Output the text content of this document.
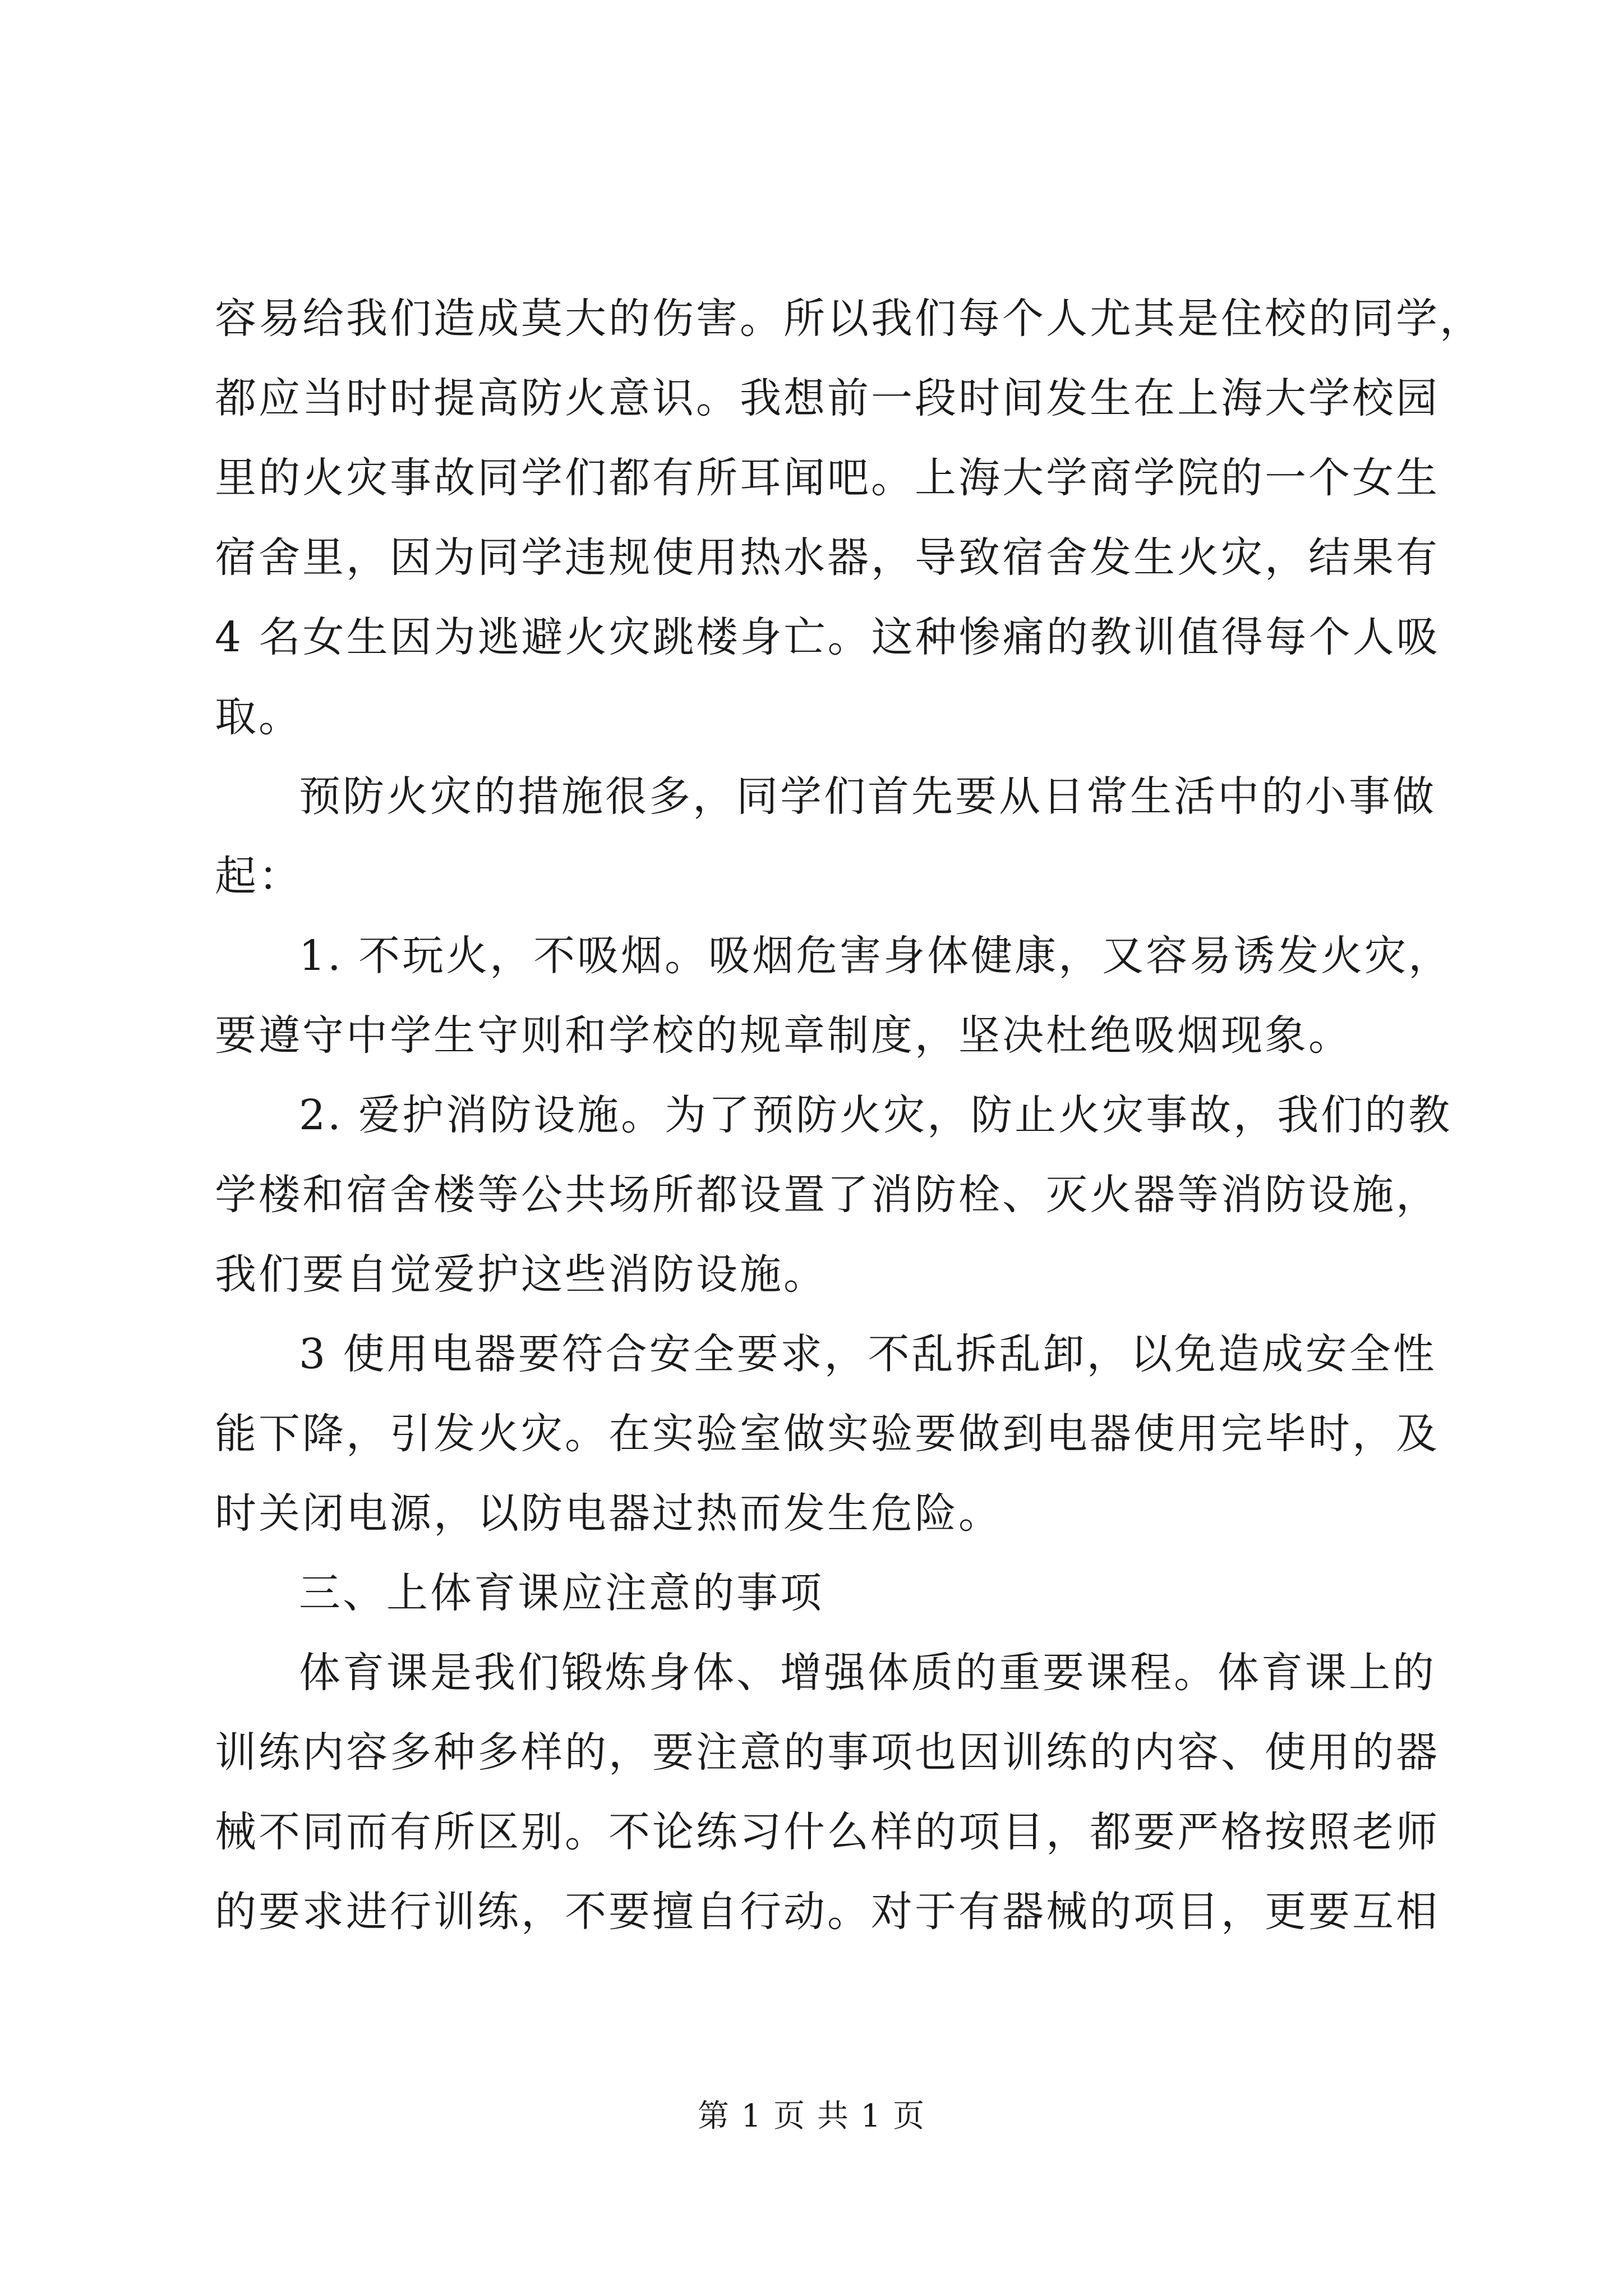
容易给我们造成莫大的伤害。所以我们每个人尤其是住校的同学，
都应当时时提高防火意识。我想前一段时间发生在上海大学校园
里的火灾事故同学们都有所耳闻吧。上海大学商学院的一个女生
宿舍里，因为同学违规使用热水器，导致宿舍发生火灾，结果有
4 名女生因为逃避火灾跳楼身亡。这种惨痛的教训值得每个人吸
取。
预防火灾的措施很多，同学们首先要从日常生活中的小事做
起：
1. 不玩火，不吸烟。吸烟危害身体健康，又容易诱发火灾，
要遵守中学生守则和学校的规章制度，坚决杜绝吸烟现象。
2. 爱护消防设施。为了预防火灾，防止火灾事故，我们的教
学楼和宿舍楼等公共场所都设置了消防栓、灭火器等消防设施，
我们要自觉爱护这些消防设施。
3 使用电器要符合安全要求，不乱拆乱卸，以免造成安全性
能下降，引发火灾。在实验室做实验要做到电器使用完毕时，及
时关闭电源，以防电器过热而发生危险。
三、上体育课应注意的事项
体育课是我们锻炼身体、增强体质的重要课程。体育课上的
训练内容多种多样的，要注意的事项也因训练的内容、使用的器
械不同而有所区别。不论练习什么样的项目，都要严格按照老师
的要求进行训练，不要擅自行动。对于有器械的项目，更要互相
第 1 页 共 1 页
